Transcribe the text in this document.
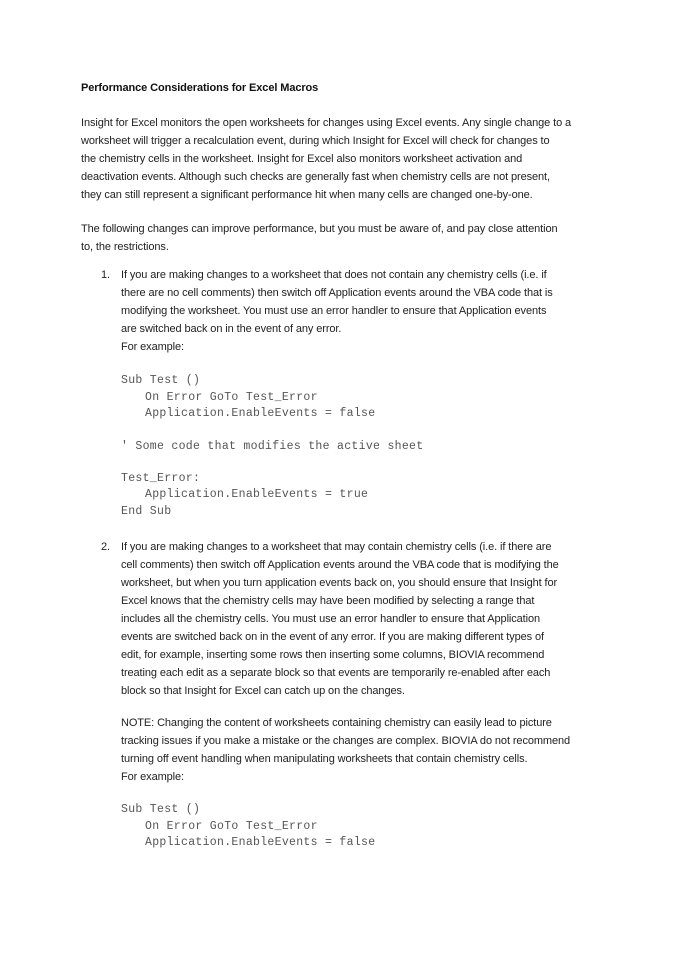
Performance Considerations for Excel Macros
Insight for Excel monitors the open worksheets for changes using Excel events. Any single change to a
worksheet will trigger a recalculation event, during which Insight for Excel will check for changes to
the chemistry cells in the worksheet. Insight for Excel also monitors worksheet activation and
deactivation events. Although such checks are generally fast when chemistry cells are not present,
they can still represent a significant performance hit when many cells are changed one-by-one.
The following changes can improve performance, but you must be aware of, and pay close attention
to, the restrictions.
1. If you are making changes to a worksheet that does not contain any chemistry cells (i.e. if
there are no cell comments) then switch off Application events around the VBA code that is
modifying the worksheet. You must use an error handler to ensure that Application events
are switched back on in the event of any error.
For example:
Sub Test ()
On Error GoTo Test_Error
Application.EnableEvents = false
' Some code that modifies the active sheet
Test_Error:
Application.EnableEvents = true
End Sub
2. If you are making changes to a worksheet that may contain chemistry cells (i.e. if there are
cell comments) then switch off Application events around the VBA code that is modifying the
worksheet, but when you turn application events back on, you should ensure that Insight for
Excel knows that the chemistry cells may have been modified by selecting a range that
includes all the chemistry cells. You must use an error handler to ensure that Application
events are switched back on in the event of any error. If you are making different types of
edit, for example, inserting some rows then inserting some columns, BIOVIA recommend
treating each edit as a separate block so that events are temporarily re-enabled after each
block so that Insight for Excel can catch up on the changes.
NOTE: Changing the content of worksheets containing chemistry can easily lead to picture
tracking issues if you make a mistake or the changes are complex. BIOVIA do not recommend
turning off event handling when manipulating worksheets that contain chemistry cells.
For example:
Sub Test ()
On Error GoTo Test_Error
Application.EnableEvents = false
